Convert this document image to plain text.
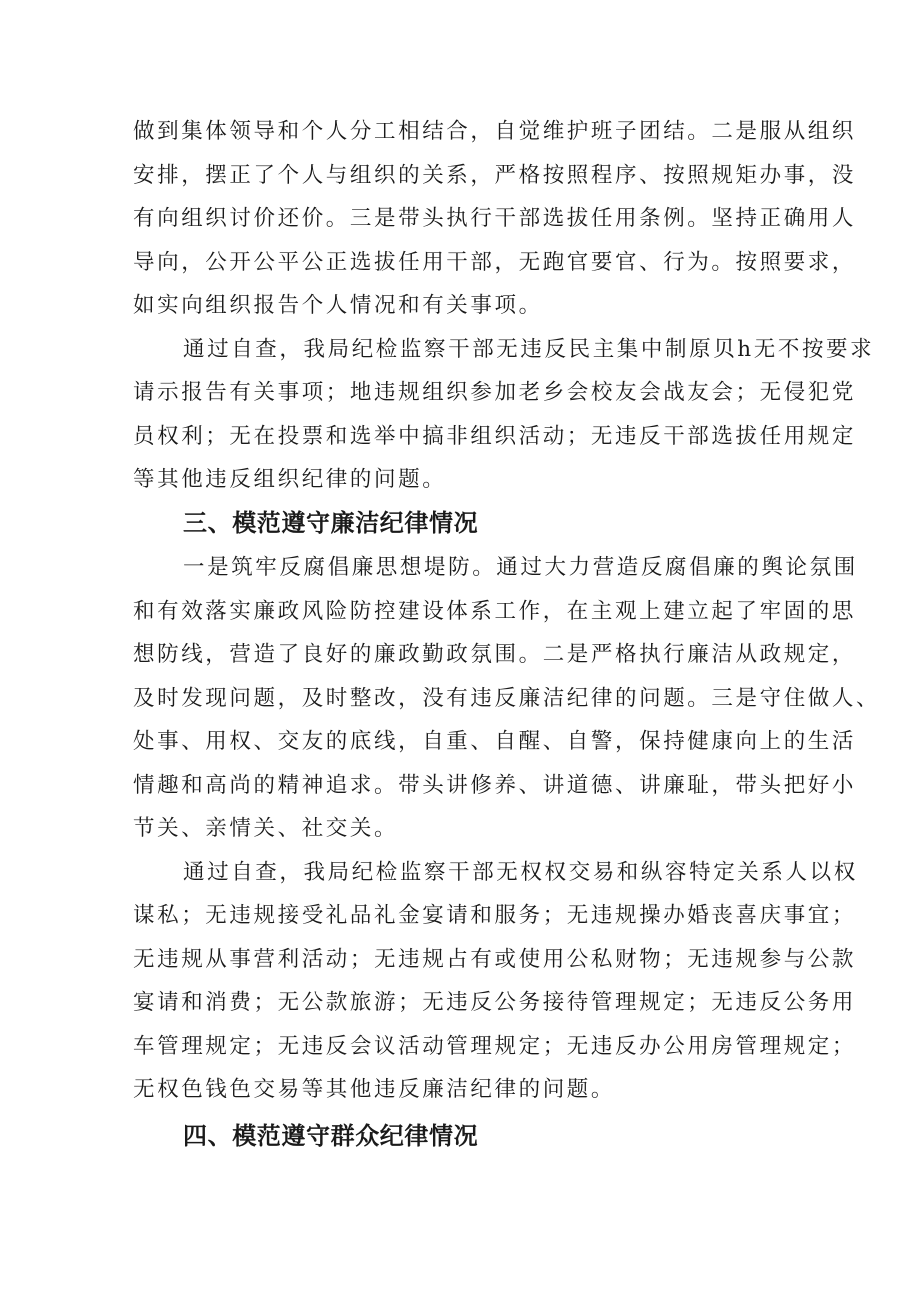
做到集体领导和个人分工相结合，自觉维护班子团结。二是服从组织

安排，摆正了个人与组织的关系，严格按照程序、按照规矩办事，没

有向组织讨价还价。三是带头执行干部选拔任用条例。坚持正确用人

导向，公开公平公正选拔任用干部，无跑官要官、行为。按照要求，

如实向组织报告个人情况和有关事项。

通过自查，我局纪检监察干部无违反民主集中制原贝h无不按要求

请示报告有关事项；地违规组织参加老乡会校友会战友会；无侵犯党

员权利；无在投票和选举中搞非组织活动；无违反干部选拔任用规定

等其他违反组织纪律的问题。

三、模范遵守廉洁纪律情况

一是筑牢反腐倡廉思想堤防。通过大力营造反腐倡廉的舆论氛围

和有效落实廉政风险防控建设体系工作，在主观上建立起了牢固的思

想防线，营造了良好的廉政勤政氛围。二是严格执行廉洁从政规定，

及时发现问题，及时整改，没有违反廉洁纪律的问题。三是守住做人、

处事、用权、交友的底线，自重、自醒、自警，保持健康向上的生活

情趣和高尚的精神追求。带头讲修养、讲道德、讲廉耻，带头把好小

节关、亲情关、社交关。

通过自查，我局纪检监察干部无权权交易和纵容特定关系人以权

谋私；无违规接受礼品礼金宴请和服务；无违规操办婚丧喜庆事宜；

无违规从事营利活动；无违规占有或使用公私财物；无违规参与公款

宴请和消费；无公款旅游；无违反公务接待管理规定；无违反公务用

车管理规定；无违反会议活动管理规定；无违反办公用房管理规定；

无权色钱色交易等其他违反廉洁纪律的问题。

四、模范遵守群众纪律情况
